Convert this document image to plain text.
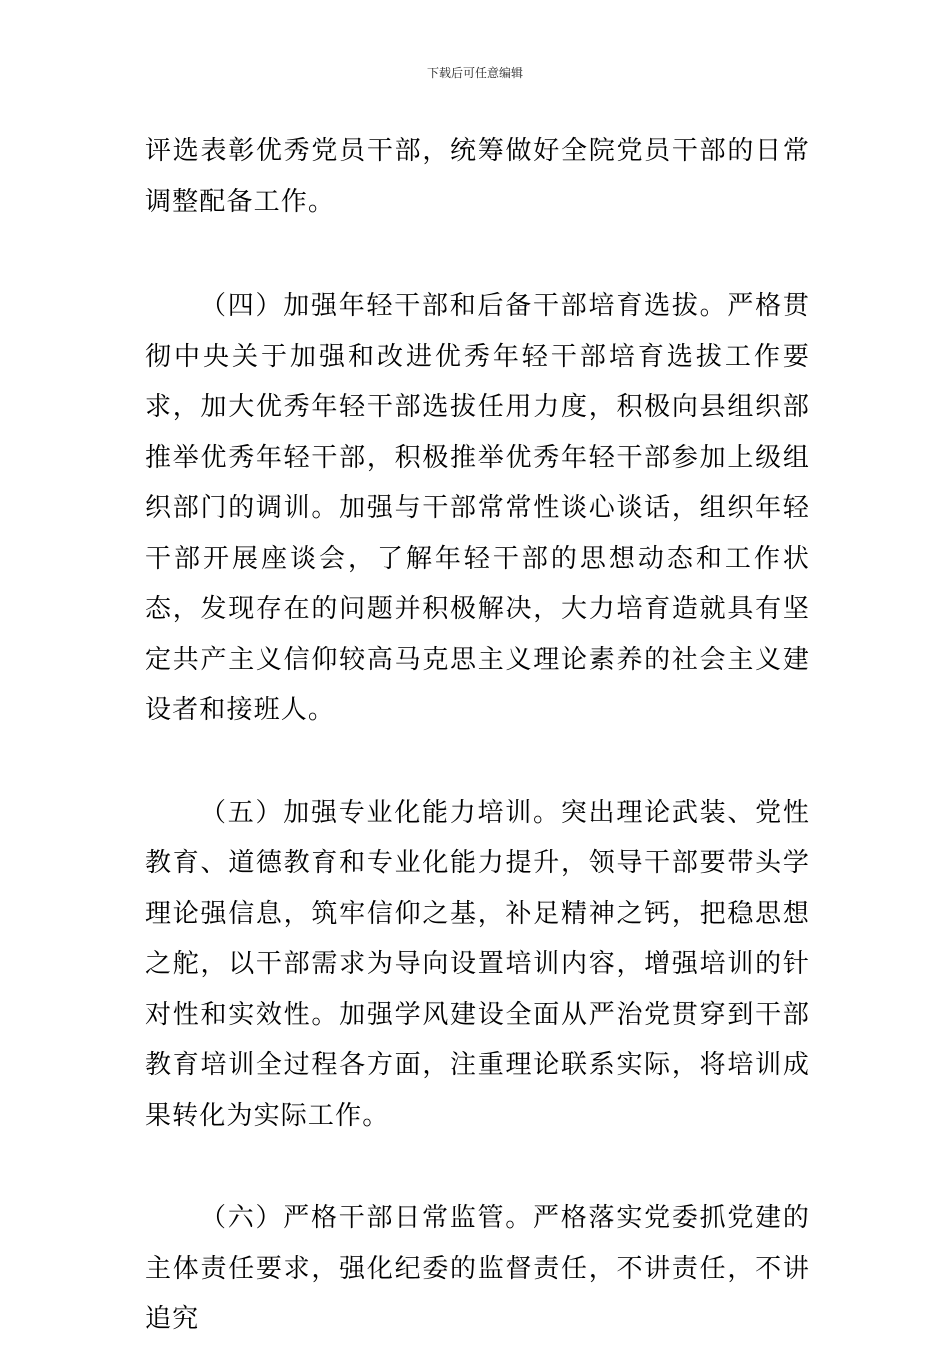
下载后可任意编辑

评选表彰优秀党员干部，统筹做好全院党员干部的日常调整配备工作。

（四）加强年轻干部和后备干部培育选拔。严格贯彻中央关于加强和改进优秀年轻干部培育选拔工作要求，加大优秀年轻干部选拔任用力度，积极向县组织部推举优秀年轻干部，积极推举优秀年轻干部参加上级组织部门的调训。加强与干部常常性谈心谈话，组织年轻干部开展座谈会，了解年轻干部的思想动态和工作状态，发现存在的问题并积极解决，大力培育造就具有坚定共产主义信仰较高马克思主义理论素养的社会主义建设者和接班人。

（五）加强专业化能力培训。突出理论武装、党性教育、道德教育和专业化能力提升，领导干部要带头学理论强信息，筑牢信仰之基，补足精神之钙，把稳思想之舵，以干部需求为导向设置培训内容，增强培训的针对性和实效性。加强学风建设全面从严治党贯穿到干部教育培训全过程各方面，注重理论联系实际，将培训成果转化为实际工作。

（六）严格干部日常监管。严格落实党委抓党建的主体责任要求，强化纪委的监督责任，不讲责任，不讲追究
